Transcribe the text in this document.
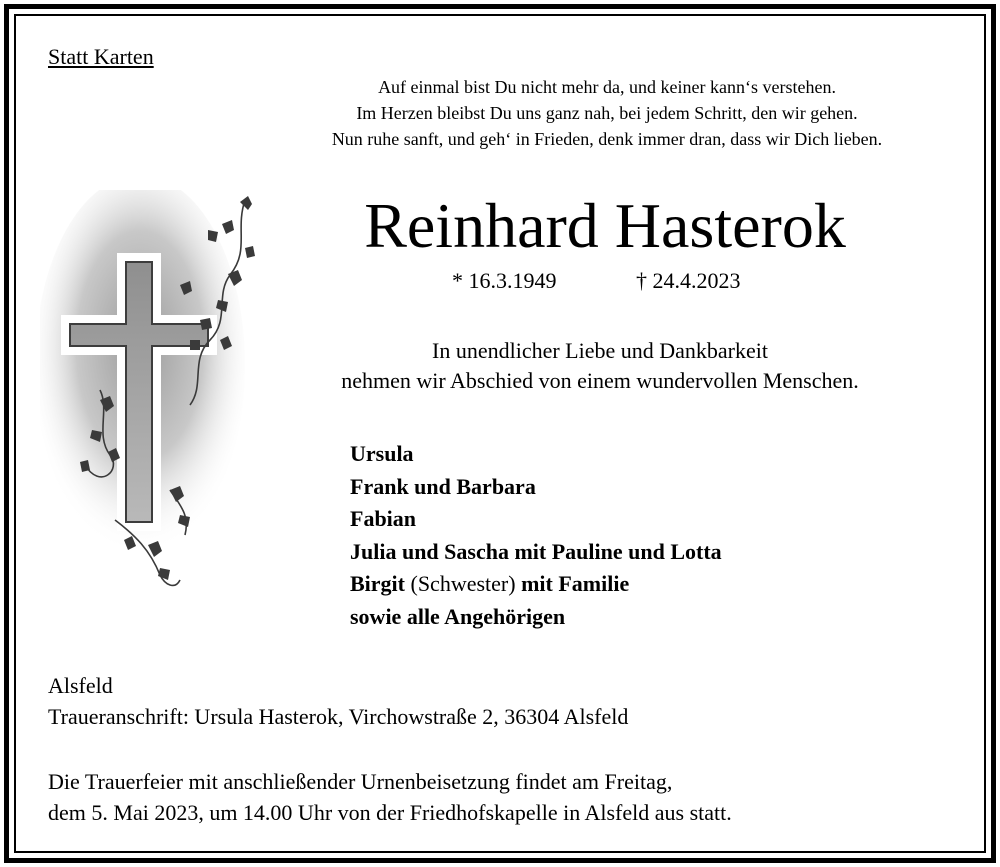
Statt Karten
Auf einmal bist Du nicht mehr da, und keiner kann‘s verstehen.
Im Herzen bleibst Du uns ganz nah, bei jedem Schritt, den wir gehen.
Nun ruhe sanft, und geh‘ in Frieden, denk immer dran, dass wir Dich lieben.
Reinhard Hasterok
* 16.3.1949	† 24.4.2023
In unendlicher Liebe und Dankbarkeit
nehmen wir Abschied von einem wundervollen Menschen.
Ursula
Frank und Barbara
Fabian
Julia und Sascha mit Pauline und Lotta
Birgit (Schwester) mit Familie
sowie alle Angehörigen
Alsfeld
Traueranschrift: Ursula Hasterok, Virchowstraße 2, 36304 Alsfeld
Die Trauerfeier mit anschließender Urnenbeisetzung findet am Freitag,
dem 5. Mai 2023, um 14.00 Uhr von der Friedhofskapelle in Alsfeld aus statt.
